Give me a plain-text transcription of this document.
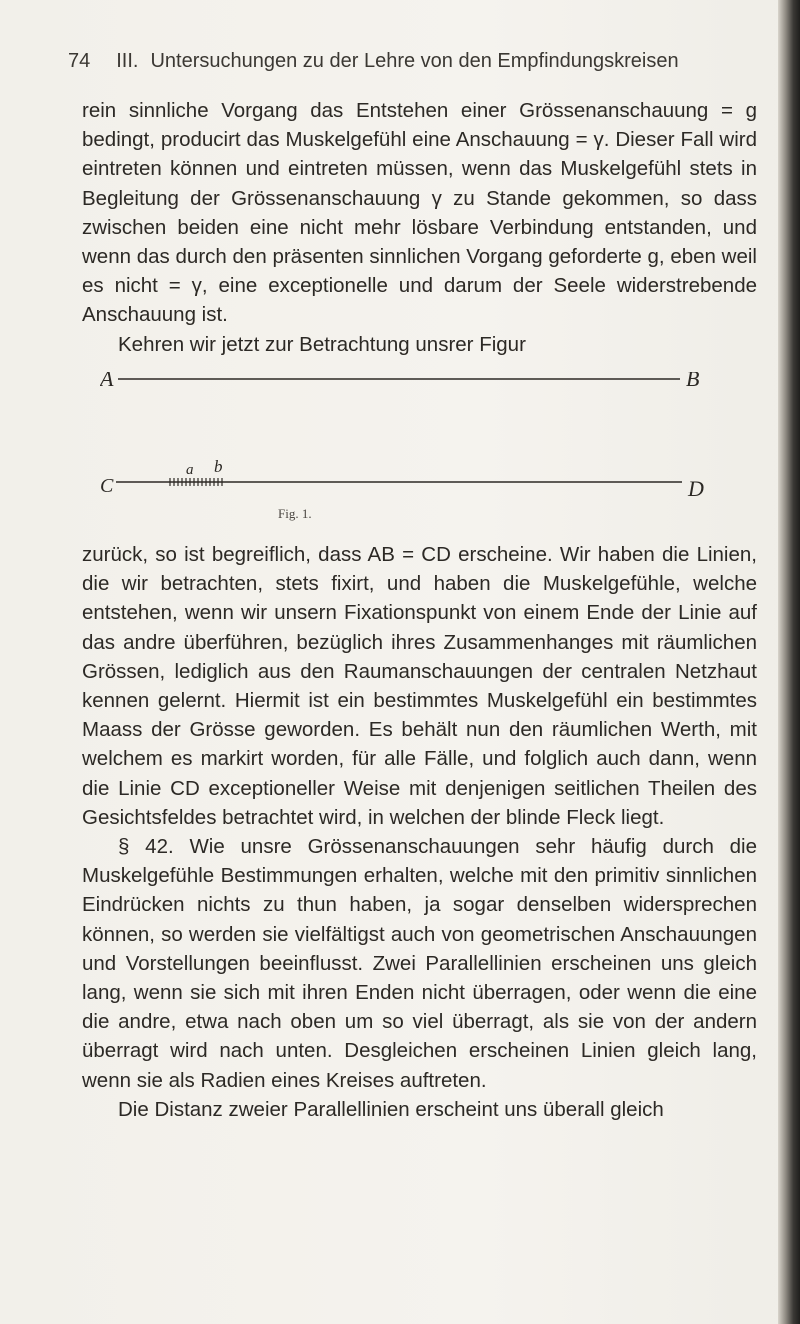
74 III. Untersuchungen zu der Lehre von den Empfindungskreisen

rein sinnliche Vorgang das Entstehen einer Grössenanschauung = g bedingt, producirt das Muskelgefühl eine Anschauung = γ. Dieser Fall wird eintreten können und eintreten müssen, wenn das Muskelgefühl stets in Begleitung der Grössenanschauung γ zu Stande gekommen, so dass zwischen beiden eine nicht mehr lösbare Verbindung entstanden, und wenn das durch den präsenten sinnlichen Vorgang geforderte g, eben weil es nicht = γ, eine exceptionelle und darum der Seele widerstrebende Anschauung ist.

Kehren wir jetzt zur Betrachtung unsrer Figur

A	B
C	D
a b
Fig. 1.

zurück, so ist begreiflich, dass AB = CD erscheine. Wir haben die Linien, die wir betrachten, stets fixirt, und haben die Muskelgefühle, welche entstehen, wenn wir unsern Fixationspunkt von einem Ende der Linie auf das andre überführen, bezüglich ihres Zusammenhanges mit räumlichen Grössen, lediglich aus den Raumanschauungen der centralen Netzhaut kennen gelernt. Hiermit ist ein bestimmtes Muskelgefühl ein bestimmtes Maass der Grösse geworden. Es behält nun den räumlichen Werth, mit welchem es markirt worden, für alle Fälle, und folglich auch dann, wenn die Linie CD exceptioneller Weise mit denjenigen seitlichen Theilen des Gesichtsfeldes betrachtet wird, in welchen der blinde Fleck liegt.

§ 42. Wie unsre Grössenanschauungen sehr häufig durch die Muskelgefühle Bestimmungen erhalten, welche mit den primitiv sinnlichen Eindrücken nichts zu thun haben, ja sogar denselben widersprechen können, so werden sie vielfältigst auch von geometrischen Anschauungen und Vorstellungen beeinflusst. Zwei Parallellinien erscheinen uns gleich lang, wenn sie sich mit ihren Enden nicht überragen, oder wenn die eine die andre, etwa nach oben um so viel überragt, als sie von der andern überragt wird nach unten. Desgleichen erscheinen Linien gleich lang, wenn sie als Radien eines Kreises auftreten.

Die Distanz zweier Parallellinien erscheint uns überall gleich
